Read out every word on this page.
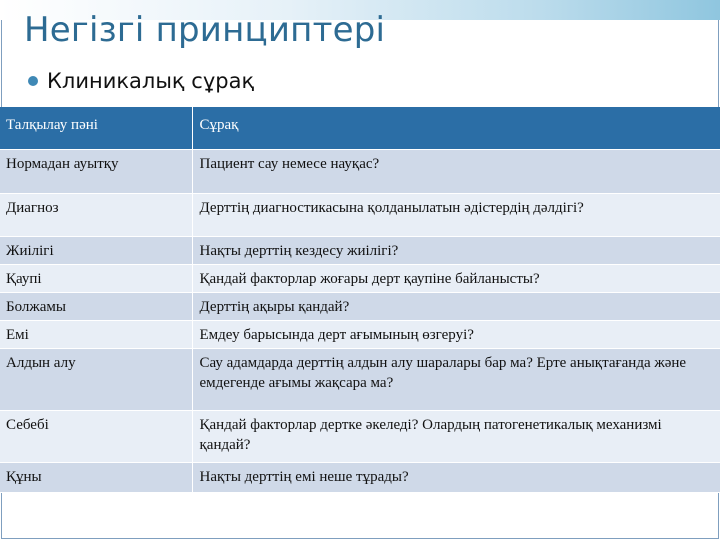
Негізгі принциптері
Клиникалық сұрақ
Талқылау пәні	Сұрақ
Нормадан ауытқу	Пациент сау немесе науқас?
Диагноз	Дерттің диагностикасына қолданылатын әдістердің дәлдігі?
Жиілігі	Нақты дерттің кездесу жиілігі?
Қаупі	Қандай факторлар жоғары дерт қаупіне байланысты?
Болжамы	Дерттің ақыры қандай?
Емі	Емдеу барысында дерт ағымының өзгеруі?
Алдын алу	Сау адамдарда дерттің алдын алу шаралары бар ма? Ерте анықтағанда және емдегенде ағымы жақсара ма?
Себебі	Қандай факторлар дертке әкеледі? Олардың патогенетикалық механизмі қандай?
Құны	Нақты дерттің емі неше тұрады?
